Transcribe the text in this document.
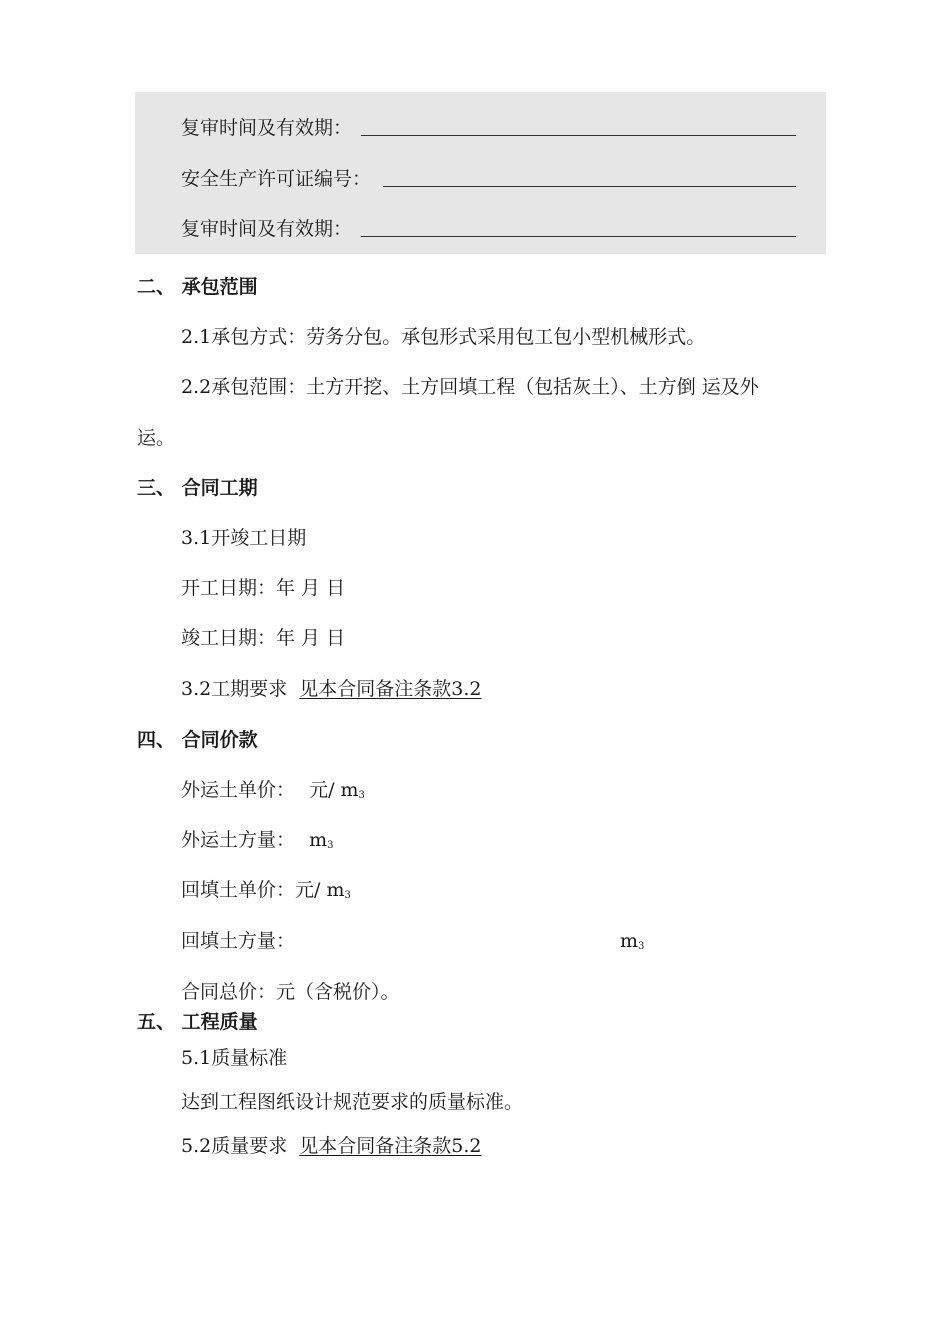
复审时间及有效期：
安全生产许可证编号：
复审时间及有效期：
二、 承包范围
2.1承包方式：劳务分包。承包形式采用包工包小型机械形式。
2.2承包范围：土方开挖、土方回填工程（包括灰土）、土方倒 运及外
运。
三、 合同工期
3.1开竣工日期
开工日期：年 月 日
竣工日期：年 月 日
3.2工期要求 见本合同备注条款3.2
四、 合同价款
外运土单价： 元/ $m_3$
外运土方量： $m_3$
回填土单价：元/ $m_3$
回填土方量：	$m_3$
合同总价：元（含税价）。
五、 工程质量
5.1质量标准
达到工程图纸设计规范要求的质量标准。
5.2质量要求 见本合同备注条款5.2
